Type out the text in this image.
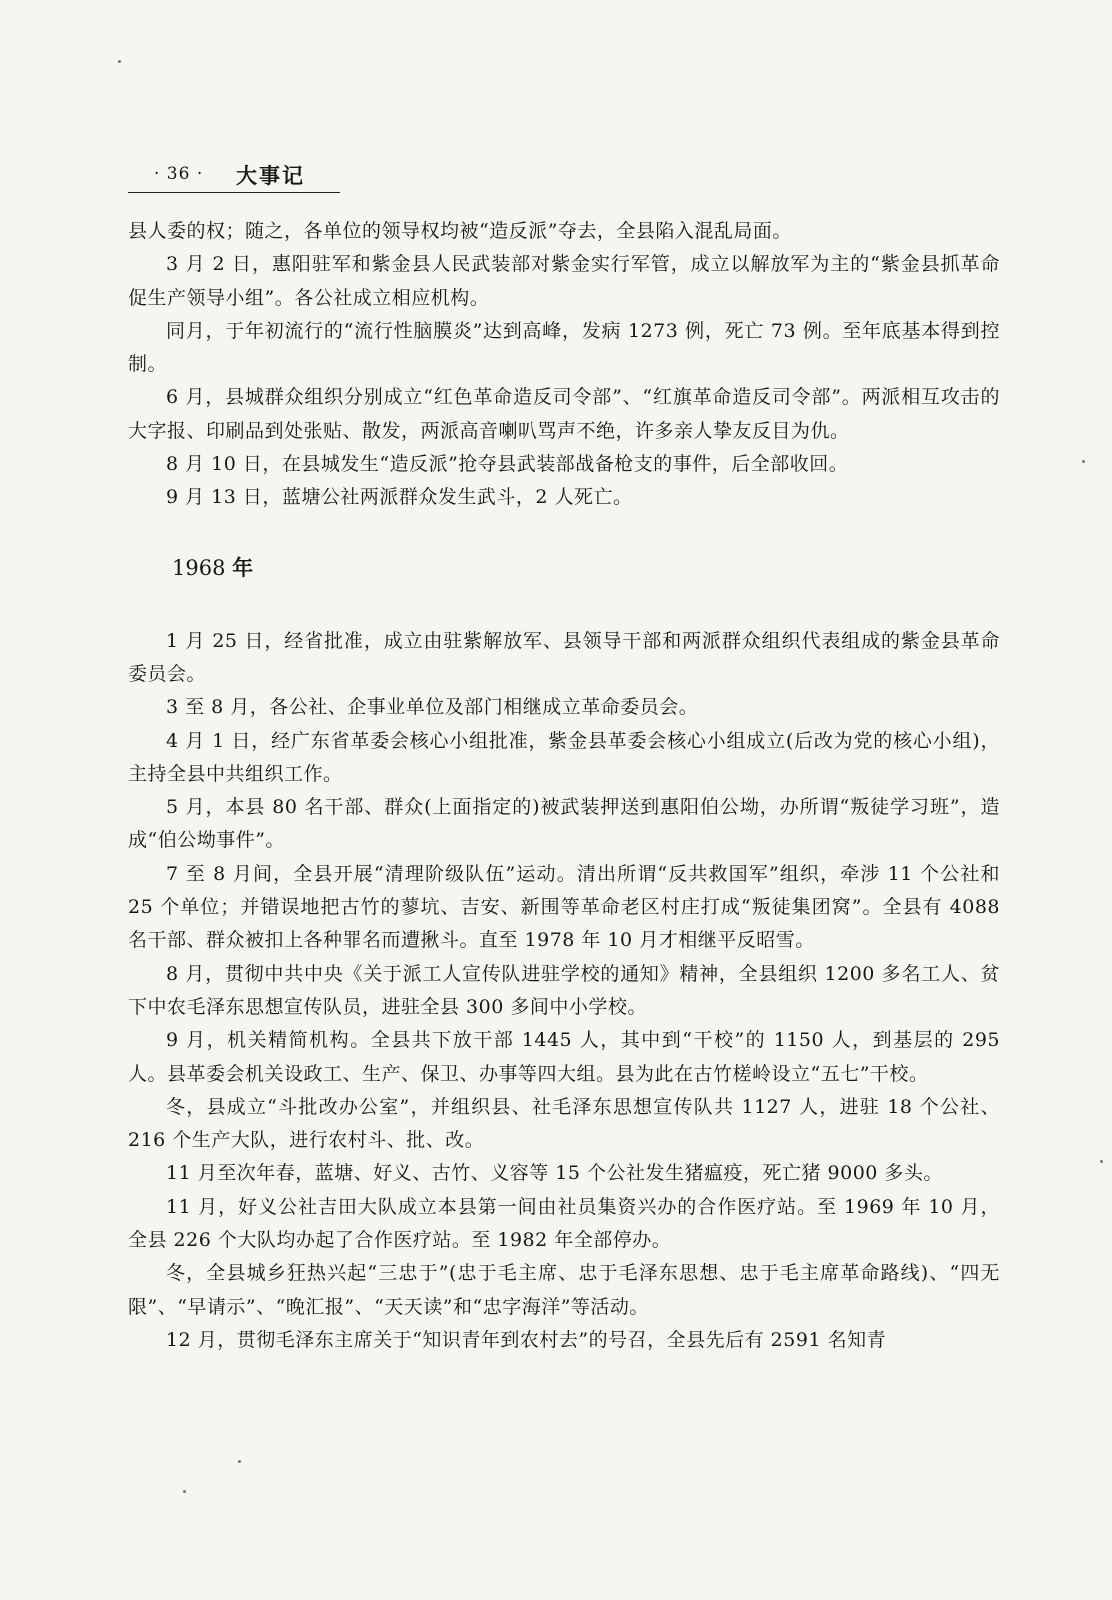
· 36 · 大事记

县人委的权；随之，各单位的领导权均被“造反派”夺去，全县陷入混乱局面。

3 月 2 日，惠阳驻军和紫金县人民武装部对紫金实行军管，成立以解放军为主的“紫金县抓革命促生产领导小组”。各公社成立相应机构。

同月，于年初流行的“流行性脑膜炎”达到高峰，发病 1273 例，死亡 73 例。至年底基本得到控制。

6 月，县城群众组织分别成立“红色革命造反司令部”、“红旗革命造反司令部”。两派相互攻击的大字报、印刷品到处张贴、散发，两派高音喇叭骂声不绝，许多亲人挚友反目为仇。

8 月 10 日，在县城发生“造反派”抢夺县武装部战备枪支的事件，后全部收回。

9 月 13 日，蓝塘公社两派群众发生武斗，2 人死亡。

1968 年

1 月 25 日，经省批准，成立由驻紫解放军、县领导干部和两派群众组织代表组成的紫金县革命委员会。

3 至 8 月，各公社、企事业单位及部门相继成立革命委员会。

4 月 1 日，经广东省革委会核心小组批准，紫金县革委会核心小组成立(后改为党的核心小组)，主持全县中共组织工作。

5 月，本县 80 名干部、群众(上面指定的)被武装押送到惠阳伯公坳，办所谓“叛徒学习班”，造成“伯公坳事件”。

7 至 8 月间，全县开展“清理阶级队伍”运动。清出所谓“反共救国军”组织，牵涉 11 个公社和 25 个单位；并错误地把古竹的蓼坑、吉安、新围等革命老区村庄打成“叛徒集团窝”。全县有 4088 名干部、群众被扣上各种罪名而遭揪斗。直至 1978 年 10 月才相继平反昭雪。

8 月，贯彻中共中央《关于派工人宣传队进驻学校的通知》精神，全县组织 1200 多名工人、贫下中农毛泽东思想宣传队员，进驻全县 300 多间中小学校。

9 月，机关精简机构。全县共下放干部 1445 人，其中到“干校”的 1150 人，到基层的 295 人。县革委会机关设政工、生产、保卫、办事等四大组。县为此在古竹槎岭设立“五七”干校。

冬，县成立“斗批改办公室”，并组织县、社毛泽东思想宣传队共 1127 人，进驻 18 个公社、216 个生产大队，进行农村斗、批、改。

11 月至次年春，蓝塘、好义、古竹、义容等 15 个公社发生猪瘟疫，死亡猪 9000 多头。

11 月，好义公社吉田大队成立本县第一间由社员集资兴办的合作医疗站。至 1969 年 10 月，全县 226 个大队均办起了合作医疗站。至 1982 年全部停办。

冬，全县城乡狂热兴起“三忠于”(忠于毛主席、忠于毛泽东思想、忠于毛主席革命路线)、“四无限”、“早请示”、“晚汇报”、“天天读”和“忠字海洋”等活动。

12 月，贯彻毛泽东主席关于“知识青年到农村去”的号召，全县先后有 2591 名知青
